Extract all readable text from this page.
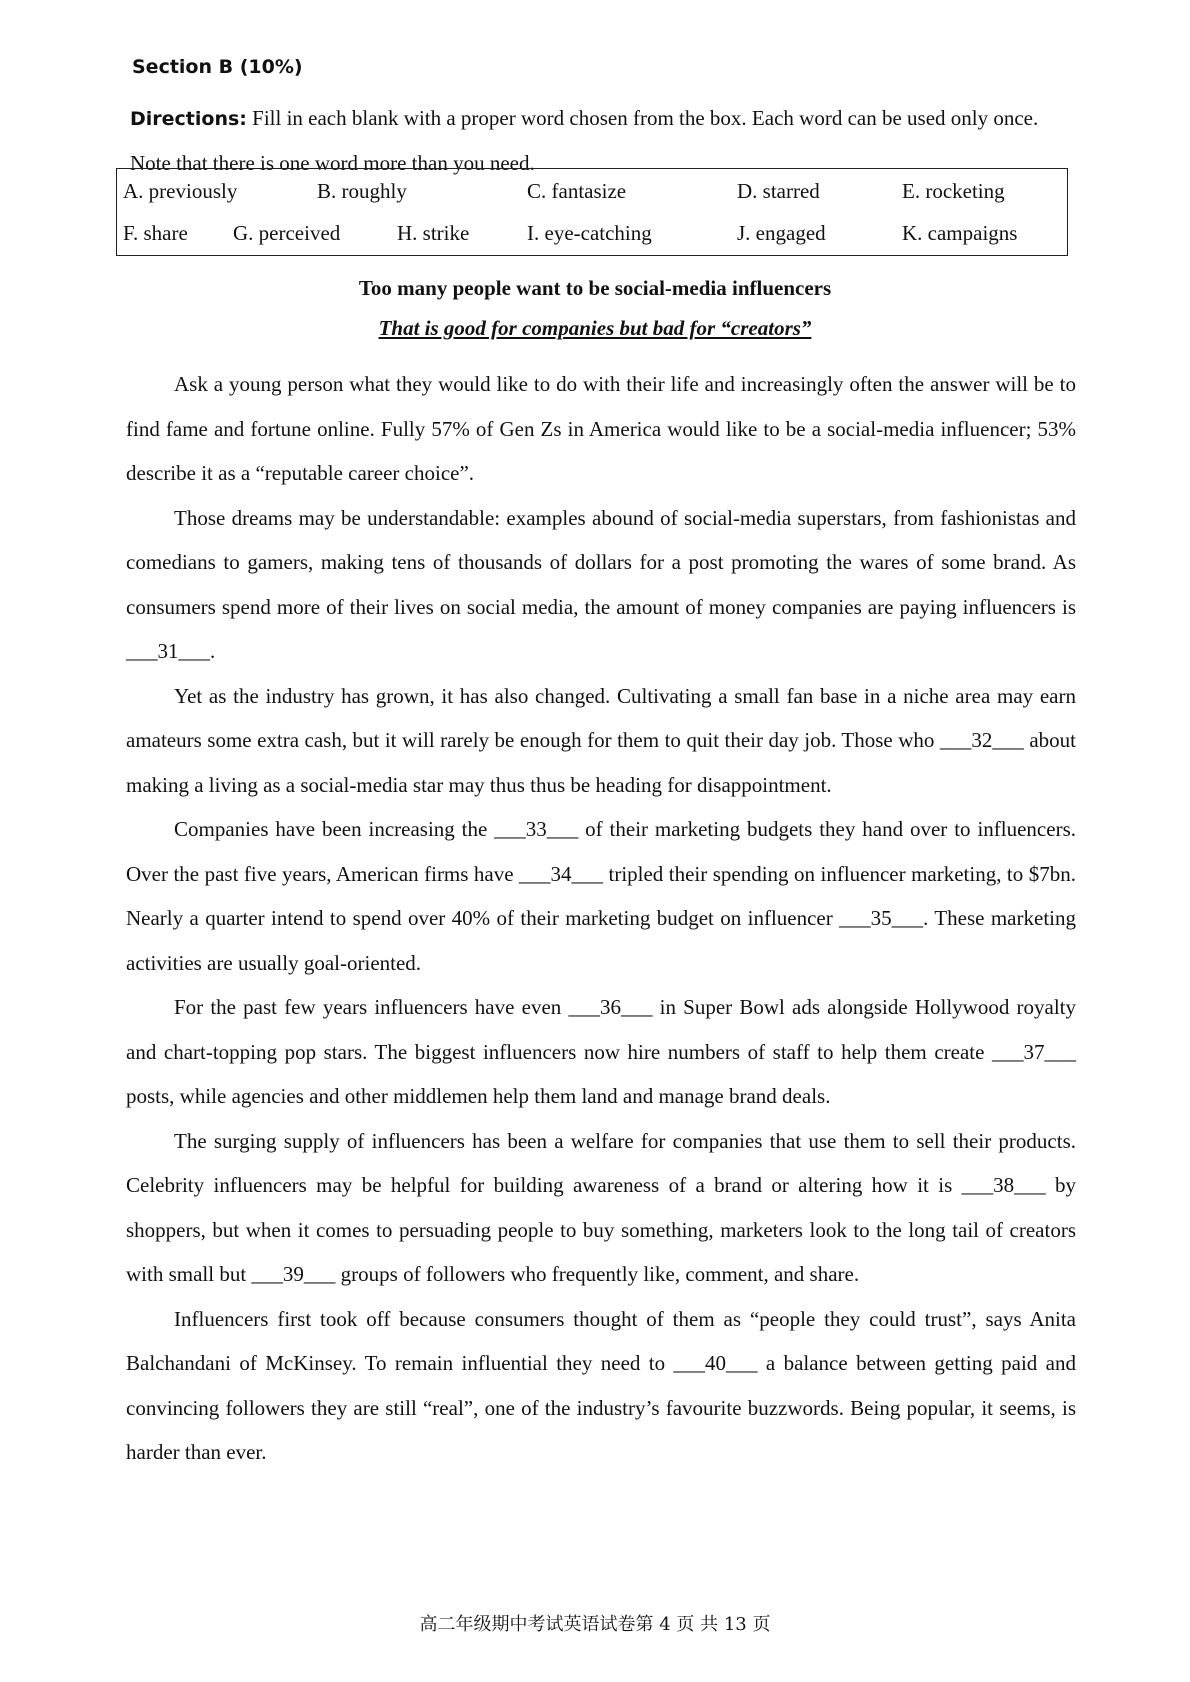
Section B (10%)
Directions: Fill in each blank with a proper word chosen from the box. Each word can be used only once. Note that there is one word more than you need.
A. previously	B. roughly	C. fantasize	D. starred	E. rocketing
F. share G. perceived	H. strike	I. eye-catching	J. engaged	K. campaigns
Too many people want to be social-media influencers
That is good for companies but bad for “creators”

Ask a young person what they would like to do with their life and increasingly often the answer will be to find fame and fortune online. Fully 57% of Gen Zs in America would like to be a social-media influencer; 53% describe it as a “reputable career choice”.

Those dreams may be understandable: examples abound of social-media superstars, from fashionistas and comedians to gamers, making tens of thousands of dollars for a post promoting the wares of some brand. As consumers spend more of their lives on social media, the amount of money companies are paying influencers is ___31___.

Yet as the industry has grown, it has also changed. Cultivating a small fan base in a niche area may earn amateurs some extra cash, but it will rarely be enough for them to quit their day job. Those who ___32___ about making a living as a social-media star may thus thus be heading for disappointment.

Companies have been increasing the ___33___ of their marketing budgets they hand over to influencers. Over the past five years, American firms have ___34___ tripled their spending on influencer marketing, to $7bn. Nearly a quarter intend to spend over 40% of their marketing budget on influencer ___35___. These marketing activities are usually goal-oriented.

For the past few years influencers have even ___36___ in Super Bowl ads alongside Hollywood royalty and chart-topping pop stars. The biggest influencers now hire numbers of staff to help them create ___37___ posts, while agencies and other middlemen help them land and manage brand deals.

The surging supply of influencers has been a welfare for companies that use them to sell their products. Celebrity influencers may be helpful for building awareness of a brand or altering how it is ___38___ by shoppers, but when it comes to persuading people to buy something, marketers look to the long tail of creators with small but ___39___ groups of followers who frequently like, comment, and share.

Influencers first took off because consumers thought of them as “people they could trust”, says Anita Balchandani of McKinsey. To remain influential they need to ___40___ a balance between getting paid and convincing followers they are still “real”, one of the industry’s favourite buzzwords. Being popular, it seems, is harder than ever.

高二年级期中考试英语试卷第 4 页 共 13 页
